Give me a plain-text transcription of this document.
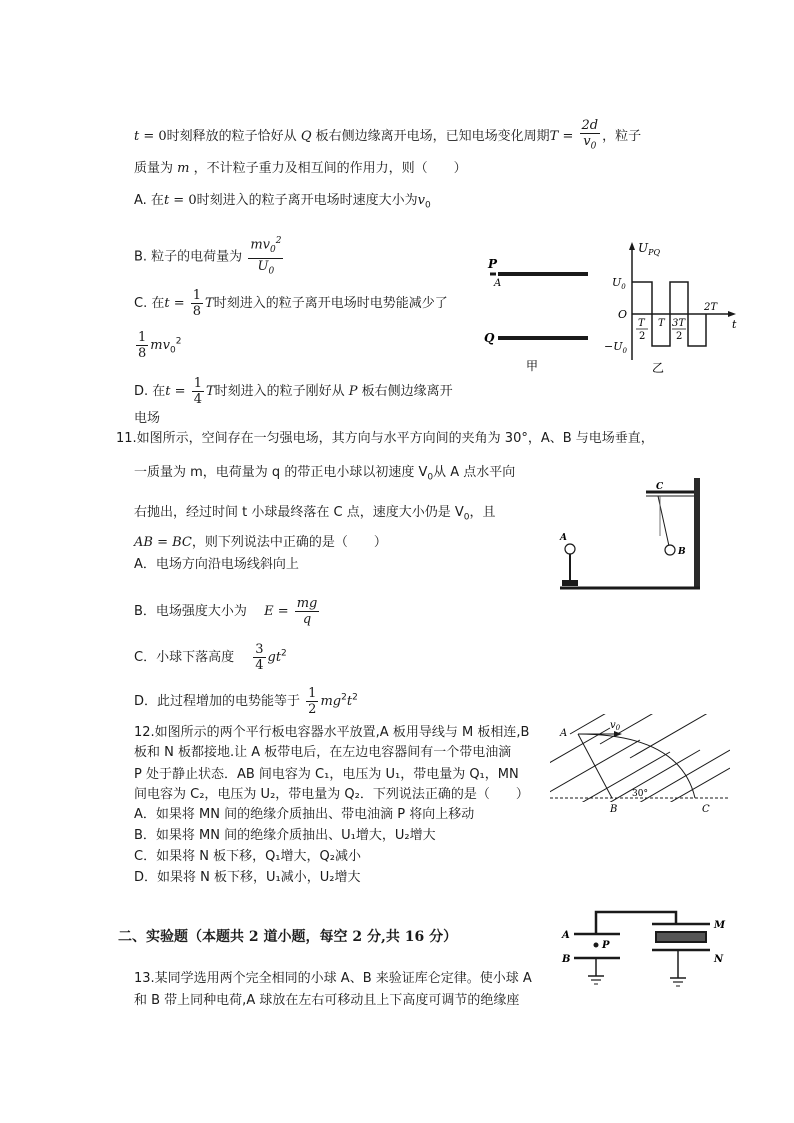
t = 0时刻释放的粒子恰好从 Q 板右侧边缘离开电场，已知电场变化周期$T = \frac{2d}{v_0}$ ，粒子
质量为 m ，不计粒子重力及相互间的作用力，则（　　）
A. 在t = 0时刻进入的粒子离开电场时速度大小为$v_0$
B. 粒子的电荷量为 $\frac{mv_0^2}{U_0}$
C. 在$t = \frac{1}{8}$ T时刻进入的粒子离开电场时电势能减少了
$\frac{1}{8} mv_0^2$
D. 在$t = \frac{1}{4}$ T时刻进入的粒子刚好从 P 板右侧边缘离开
电场
P
A
Q
甲
$U_{PQ}$
$U_0$
$-U_0$
O
t
T
2
T 3T
2
2T
乙
11.如图所示，空间存在一匀强电场，其方向与水平方向间的夹角为 30°，A、B 与电场垂直，
一质量为 m，电荷量为 q 的带正电小球以初速度 $V_0$从 A 点水平向
右抛出，经过时间 t 小球最终落在 C 点，速度大小仍是 $V_0$，且
AB = BC，则下列说法中正确的是（　　）
A．电场方向沿电场线斜向上
B．电场强度大小为　 $E = \frac{mg}{q}$
C．小球下落高度　 $\frac{3}{4} gt^2$
D．此过程增加的电势能等于 $\frac{1}{2} mg^2t^2$
C
B
A
12.如图所示的两个平行板电容器水平放置,A 板用导线与 M 板相连,B
板和 N 板都接地.让 A 板带电后，在左边电容器间有一个带电油滴
P 处于静止状态．AB 间电容为 C₁，电压为 U₁，带电量为 Q₁，MN
间电容为 C₂，电压为 U₂，带电量为 Q₂．下列说法正确的是（　　）
A．如果将 MN 间的绝缘介质抽出、带电油滴 P 将向上移动
B．如果将 MN 间的绝缘介质抽出、U₁增大，U₂增大
C．如果将 N 板下移，Q₁增大，Q₂减小
D．如果将 N 板下移，U₁减小，U₂增大
A
$v_0$
B	C
30°
二、实验题（本题共 2 道小题，每空 2 分,共 16 分）
13.某同学选用两个完全相同的小球 A、B 来验证库仑定律。使小球 A
和 B 带上同种电荷,A 球放在左右可移动且上下高度可调节的绝缘座
A
B
P
M
N
